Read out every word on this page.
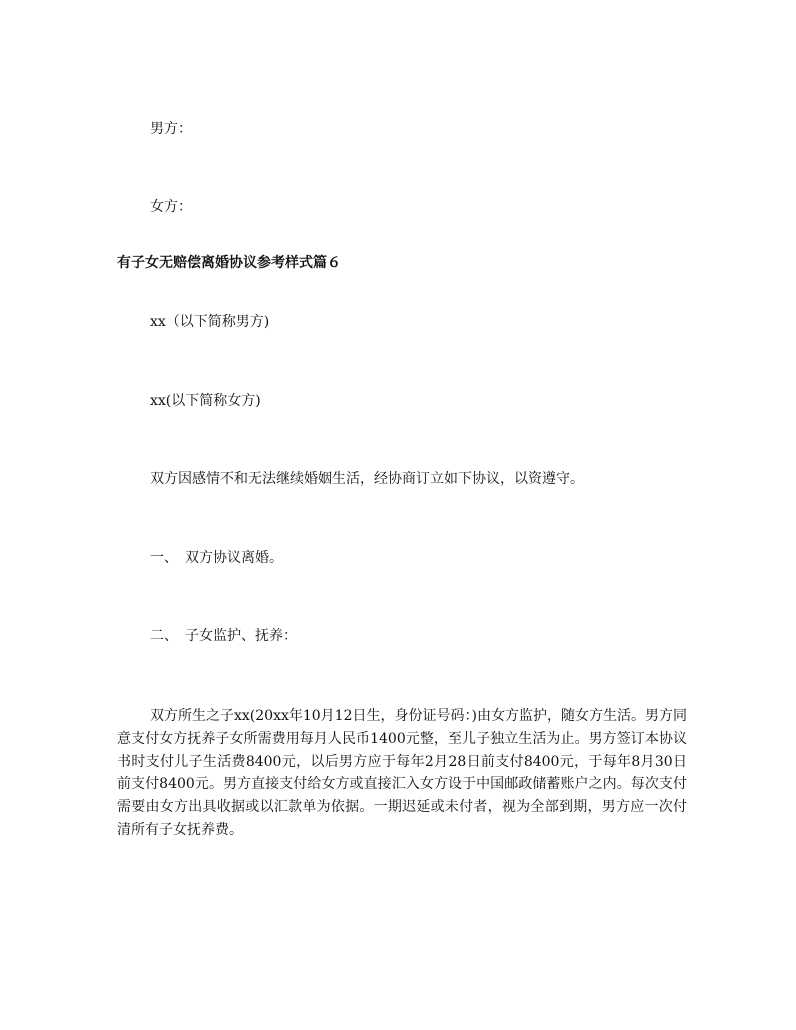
男方：
女方：
有子女无赔偿离婚协议参考样式篇６
xx（以下简称男方)
xx(以下简称女方)
双方因感情不和无法继续婚姻生活，经协商订立如下协议，以资遵守。
一、　双方协议离婚。
二、　子女监护、抚养：
双方所生之子xx(20xx年10月12日生，身份证号码：)由女方监护，随女方生活。男方同意支付女方抚养子女所需费用每月人民币1400元整，至儿子独立生活为止。男方签订本协议书时支付儿子生活费8400元，以后男方应于每年2月28日前支付8400元，于每年8月30日前支付8400元。男方直接支付给女方或直接汇入女方设于中国邮政储蓄账户之内。每次支付需要由女方出具收据或以汇款单为依据。一期迟延或未付者，视为全部到期，男方应一次付清所有子女抚养费。
